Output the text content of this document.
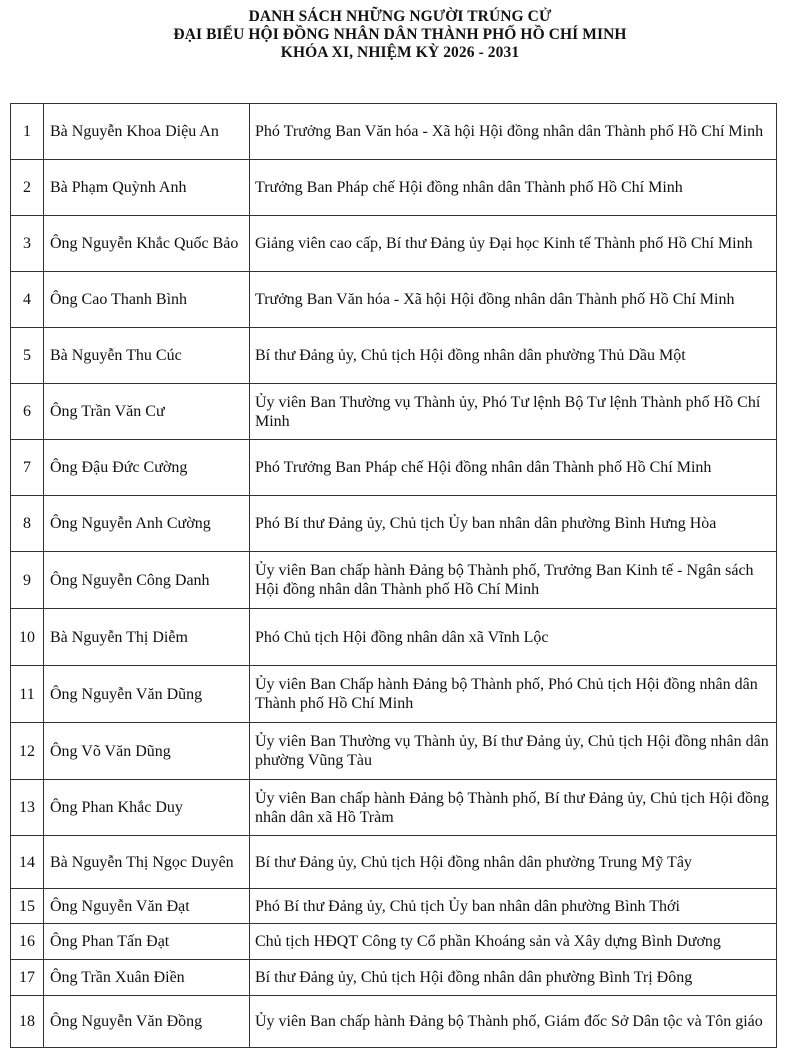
DANH SÁCH NHỮNG NGƯỜI TRÚNG CỬ
ĐẠI BIỂU HỘI ĐỒNG NHÂN DÂN THÀNH PHỐ HỒ CHÍ MINH
KHÓA XI, NHIỆM KỲ 2026 - 2031
1	Bà Nguyễn Khoa Diệu An	Phó Trưởng Ban Văn hóa - Xã hội Hội đồng nhân dân Thành phố Hồ Chí Minh
2	Bà Phạm Quỳnh Anh	Trưởng Ban Pháp chế Hội đồng nhân dân Thành phố Hồ Chí Minh
3	Ông Nguyễn Khắc Quốc Bảo	Giảng viên cao cấp, Bí thư Đảng ủy Đại học Kinh tế Thành phố Hồ Chí Minh
4	Ông Cao Thanh Bình	Trưởng Ban Văn hóa - Xã hội Hội đồng nhân dân Thành phố Hồ Chí Minh
5	Bà Nguyễn Thu Cúc	Bí thư Đảng ủy, Chủ tịch Hội đồng nhân dân phường Thủ Dầu Một
6	Ông Trần Văn Cư	Ủy viên Ban Thường vụ Thành ủy, Phó Tư lệnh Bộ Tư lệnh Thành phố Hồ Chí Minh
7	Ông Đậu Đức Cường	Phó Trưởng Ban Pháp chế Hội đồng nhân dân Thành phố Hồ Chí Minh
8	Ông Nguyễn Anh Cường	Phó Bí thư Đảng ủy, Chủ tịch Ủy ban nhân dân phường Bình Hưng Hòa
9	Ông Nguyễn Công Danh	Ủy viên Ban chấp hành Đảng bộ Thành phố, Trưởng Ban Kinh tế - Ngân sách Hội đồng nhân dân Thành phố Hồ Chí Minh
10	Bà Nguyễn Thị Diễm	Phó Chủ tịch Hội đồng nhân dân xã Vĩnh Lộc
11	Ông Nguyễn Văn Dũng	Ủy viên Ban Chấp hành Đảng bộ Thành phố, Phó Chủ tịch Hội đồng nhân dân Thành phố Hồ Chí Minh
12	Ông Võ Văn Dũng	Ủy viên Ban Thường vụ Thành ủy, Bí thư Đảng ủy, Chủ tịch Hội đồng nhân dân phường Vũng Tàu
13	Ông Phan Khắc Duy	Ủy viên Ban chấp hành Đảng bộ Thành phố, Bí thư Đảng ủy, Chủ tịch Hội đồng nhân dân xã Hồ Tràm
14	Bà Nguyễn Thị Ngọc Duyên	Bí thư Đảng ủy, Chủ tịch Hội đồng nhân dân phường Trung Mỹ Tây
15	Ông Nguyễn Văn Đạt	Phó Bí thư Đảng ủy, Chủ tịch Ủy ban nhân dân phường Bình Thới
16	Ông Phan Tấn Đạt	Chủ tịch HĐQT Công ty Cổ phần Khoáng sản và Xây dựng Bình Dương
17	Ông Trần Xuân Điền	Bí thư Đảng ủy, Chủ tịch Hội đồng nhân dân phường Bình Trị Đông
18	Ông Nguyễn Văn Đồng	Ủy viên Ban chấp hành Đảng bộ Thành phố, Giám đốc Sở Dân tộc và Tôn giáo
